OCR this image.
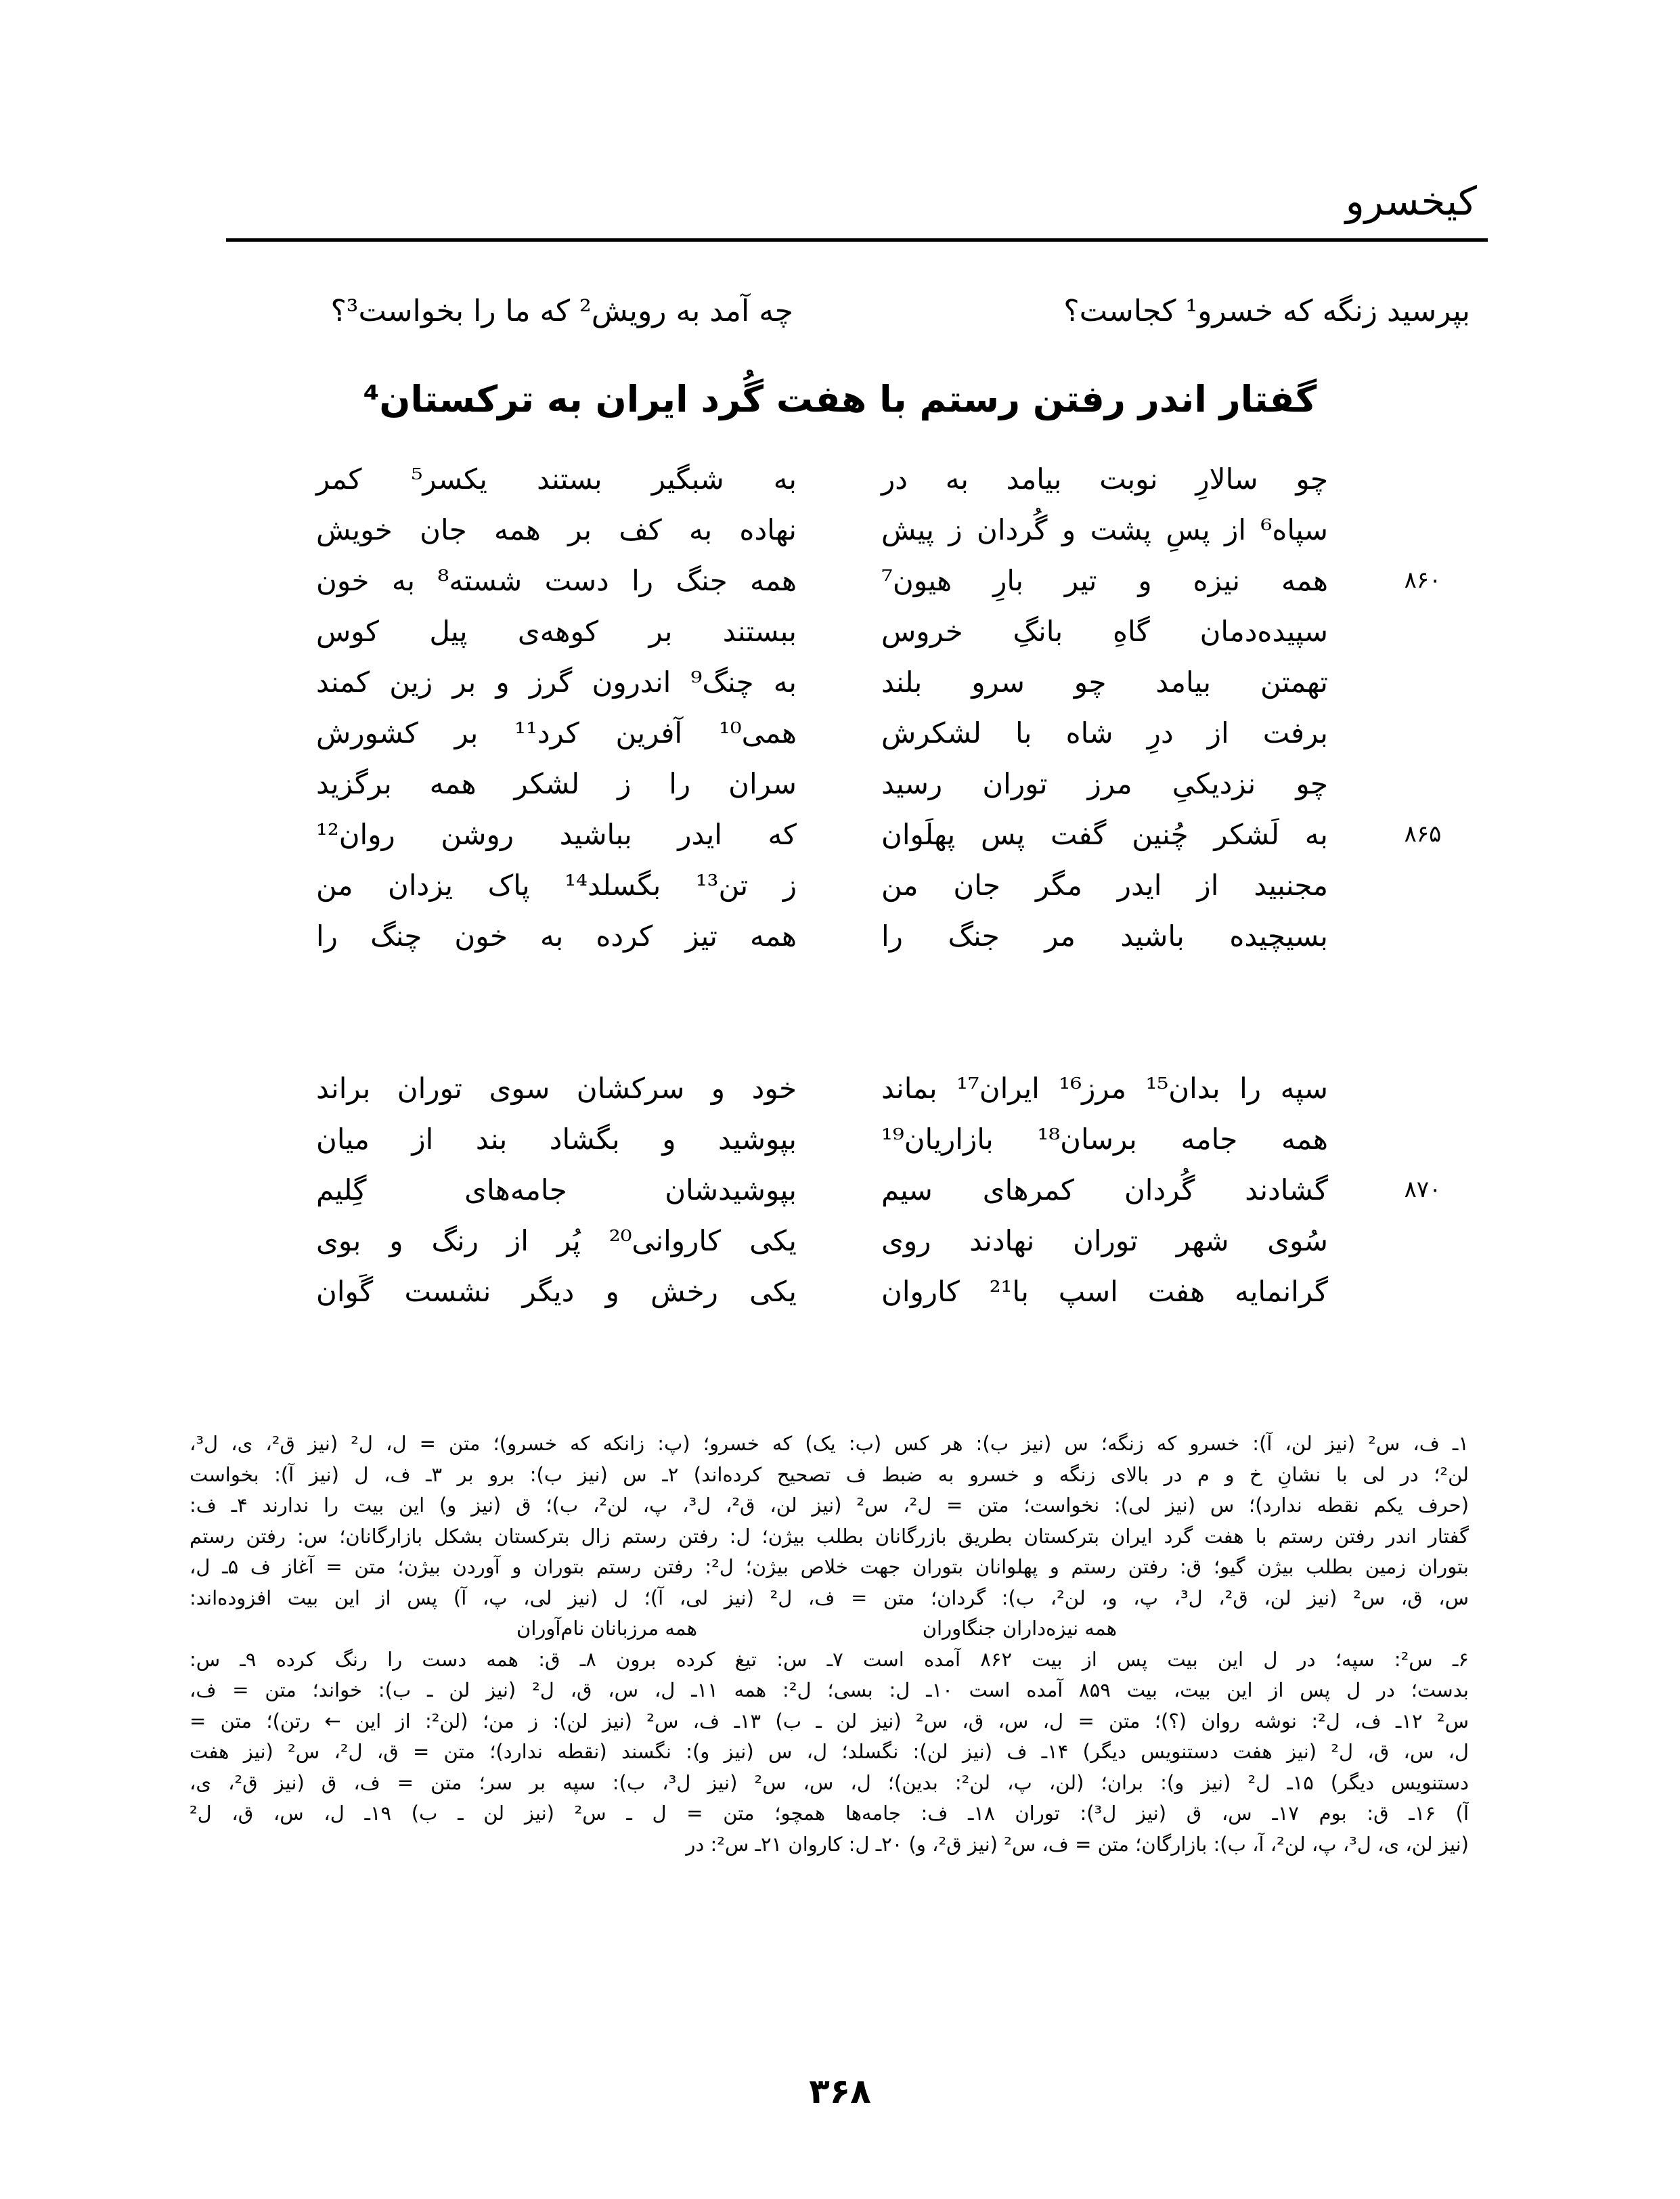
کیخسرو
بپرسید زنگه که خسرو¹ کجاست؟
چه آمد به رویش² که ما را بخواست³؟
گفتار اندر رفتن رستم با هفت گُرد ایران به ترکستان⁴
چو سالارِ نوبت بیامد به در
به شبگیر بستند یکسر⁵ کمر
سپاه⁶ از پسِ پشت و گُردان ز پیش
نهاده به کف بر همه جان خویش
۸۶۰
همه نیزه و تیر بارِ هیون⁷
همه جنگ را دست شسته⁸ به خون
سپیده‌دمان گاهِ بانگِ خروس
ببستند بر کوهه‌ی پیل کوس
تهمتن بیامد چو سرو بلند
به چنگ⁹ اندرون گرز و بر زین کمند
برفت از درِ شاه با لشکرش
همی¹⁰ آفرین کرد¹¹ بر کشورش
چو نزدیکیِ مرز توران رسید
سران را ز لشکر همه برگزید
۸۶۵
به لَشکر چُنین گفت پس پهلَوان
که ایدر بباشید روشن روان¹²
مجنبید از ایدر مگر جان من
ز تن¹³ بگسلد¹⁴ پاک یزدان من
بسیچیده باشید مر جنگ را
همه تیز کرده به خون چنگ را
سپه را بدان¹⁵ مرز¹⁶ ایران¹⁷ بماند
خود و سرکشان سوی توران براند
همه جامه برسان¹⁸ بازاریان¹⁹
بپوشید و بگشاد بند از میان
۸۷۰
گشادند گُردان کمرهای سیم
بپوشیدشان جامه‌های گِلیم
سُوی شهر توران نهادند روی
یکی کاروانی²⁰ پُر از رنگ و بوی
گرانمایه هفت اسپ با²¹ کاروان
یکی رخش و دیگر نشست گَوان
۱ـ ف، س² (نیز لن، آ): خسرو که زنگه؛ س (نیز ب): هر کس (ب: یک) که خسرو؛ (پ: زانکه که خسرو)؛ متن = ل، ل² (نیز ق²، ی، ل³،
لن²؛ در لی با نشانِ خ و م در بالای زنگه و خسرو به ضبط ف تصحیح کرده‌اند) ۲ـ س (نیز ب): برو بر ۳ـ ف، ل (نیز آ): بخواست
(حرف یکم نقطه ندارد)؛ س (نیز لی): نخواست؛ متن = ل²، س² (نیز لن، ق²، ل³، پ، لن²، ب)؛ ق (نیز و) این بیت را ندارند ۴ـ ف:
گفتار اندر رفتن رستم با هفت گرد ایران بترکستان بطریق بازرگانان بطلب بیژن؛ ل: رفتن رستم زال بترکستان بشکل بازارگانان؛ س: رفتن رستم
بتوران زمین بطلب بیژن گیو؛ ق: رفتن رستم و پهلوانان بتوران جهت خلاص بیژن؛ ل²: رفتن رستم بتوران و آوردن بیژن؛ متن = آغاز ف ۵ـ ل،
س، ق، س² (نیز لن، ق²، ل³، پ، و، لن²، ب): گردان؛ متن = ف، ل² (نیز لی، آ)؛ ل (نیز لی، پ، آ) پس از این بیت افزوده‌اند:
همه نیزه‌داران جنگاوران
همه مرزبانان نام‌آوران
۶ـ س²: سپه؛ در ل این بیت پس از بیت ۸۶۲ آمده است ۷ـ س: تیغ کرده برون ۸ـ ق: همه دست را رنگ کرده ۹ـ س:
بدست؛ در ل پس از این بیت، بیت ۸۵۹ آمده است ۱۰ـ ل: بسی؛ ل²: همه ۱۱ـ ل، س، ق، ل² (نیز لن ـ ب): خواند؛ متن = ف،
س² ۱۲ـ ف، ل²: نوشه روان (؟)؛ متن = ل، س، ق، س² (نیز لن ـ ب) ۱۳ـ ف، س² (نیز لن): ز من؛ (لن²: از این ← رتن)؛ متن =
ل، س، ق، ل² (نیز هفت دستنویس دیگر) ۱۴ـ ف (نیز لن): نگسلد؛ ل، س (نیز و): نگسند (نقطه ندارد)؛ متن = ق، ل²، س² (نیز هفت
دستنویس دیگر) ۱۵ـ ل² (نیز و): بران؛ (لن، پ، لن²: بدین)؛ ل، س، س² (نیز ل³، ب): سپه بر سر؛ متن = ف، ق (نیز ق²، ی،
آ) ۱۶ـ ق: بوم ۱۷ـ س، ق (نیز ل³): توران ۱۸ـ ف: جامه‌ها همچو؛ متن = ل ـ س² (نیز لن ـ ب) ۱۹ـ ل، س، ق، ل²
(نیز لن، ی، ل³، پ، لن²، آ، ب): بازارگان؛ متن = ف، س² (نیز ق²، و) ۲۰ـ ل: کاروان ۲۱ـ س²: در
۳۶۸
